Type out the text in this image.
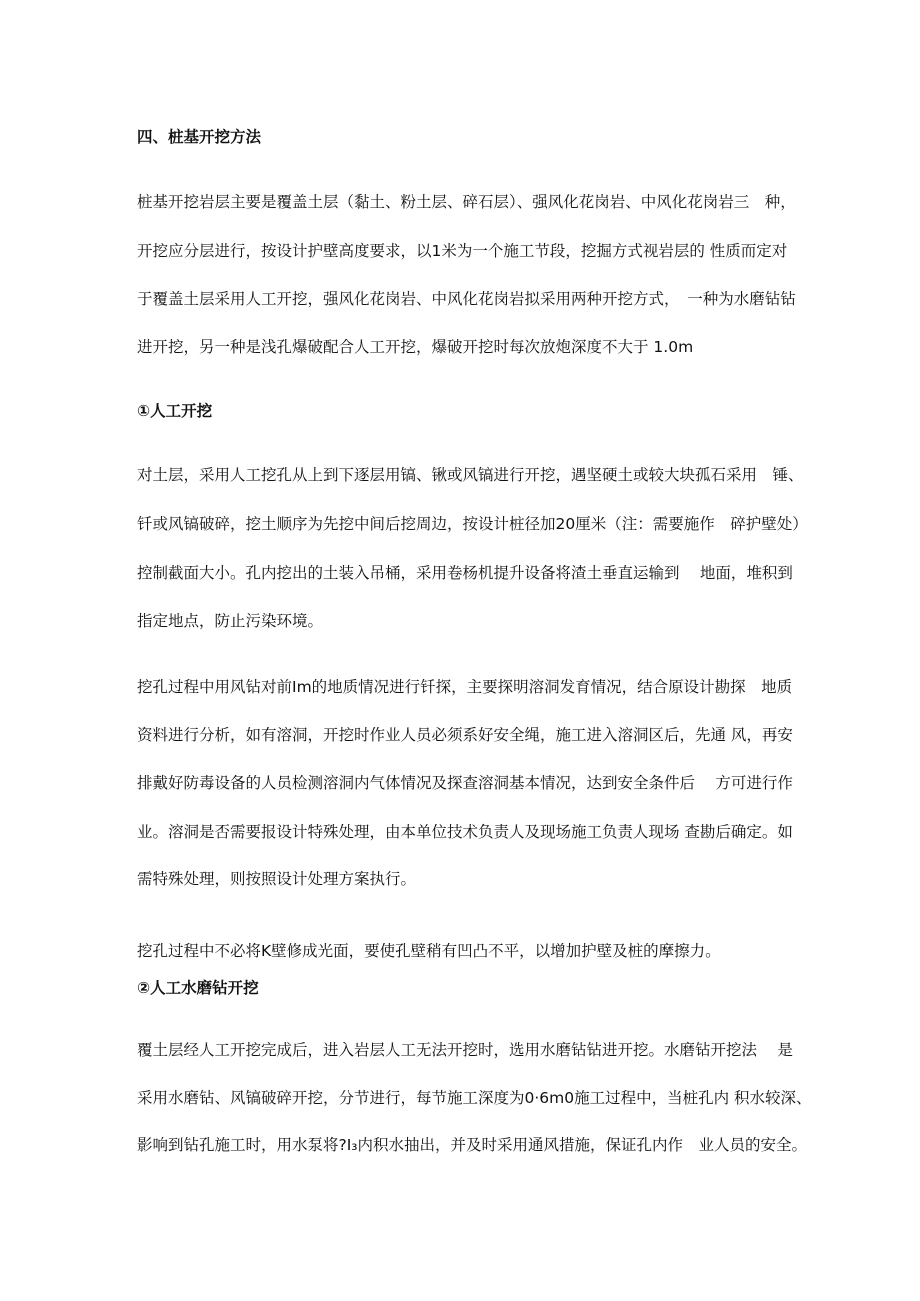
四、桩基开挖方法

桩基开挖岩层主要是覆盖土层（黏土、粉土层、碎石层）、强风化花岗岩、中风化花岗岩三　种，

开挖应分层进行，按设计护壁高度要求，以1米为一个施工节段，挖掘方式视岩层的 性质而定对

于覆盖土层采用人工开挖，强风化花岗岩、中风化花岗岩拟采用两种开挖方式，　一种为水磨钻钻

进开挖，另一种是浅孔爆破配合人工开挖，爆破开挖时每次放炮深度不大于 1.0m

①人工开挖

对土层，采用人工挖孔从上到下逐层用镐、锹或风镐进行开挖，遇坚硬土或较大块孤石采用　锤、

钎或风镐破碎，挖土顺序为先挖中间后挖周边，按设计桩径加20厘米（注：需要施作　碎护壁处）

控制截面大小。孔内挖出的土装入吊桶，采用卷杨机提升设备将渣土垂直运输到　 地面，堆积到

指定地点，防止污染环境。

挖孔过程中用风钻对前Im的地质情况进行钎探，主要探明溶洞发育情况，结合原设计勘探　地质

资料进行分析，如有溶洞，开挖时作业人员必须系好安全绳，施工进入溶洞区后，先通 风，再安

排戴好防毒设备的人员检测溶洞内气体情况及探查溶洞基本情况，达到安全条件后　 方可进行作

业。溶洞是否需要报设计特殊处理，由本单位技术负责人及现场施工负责人现场 查勘后确定。如

需特殊处理，则按照设计处理方案执行。

挖孔过程中不必将K壁修成光面，要使孔壁稍有凹凸不平，以增加护壁及桩的摩擦力。

②人工水磨钻开挖

覆土层经人工开挖完成后，进入岩层人工无法开挖时，选用水磨钻钻进开挖。水磨钻开挖法　 是

采用水磨钻、风镐破碎开挖，分节进行，每节施工深度为0·6m0施工过程中，当桩孔内 积水较深、

影响到钻孔施工时，用水泵将?I₃内积水抽出，并及时采用通风措施，保证孔内作　业人员的安全。
